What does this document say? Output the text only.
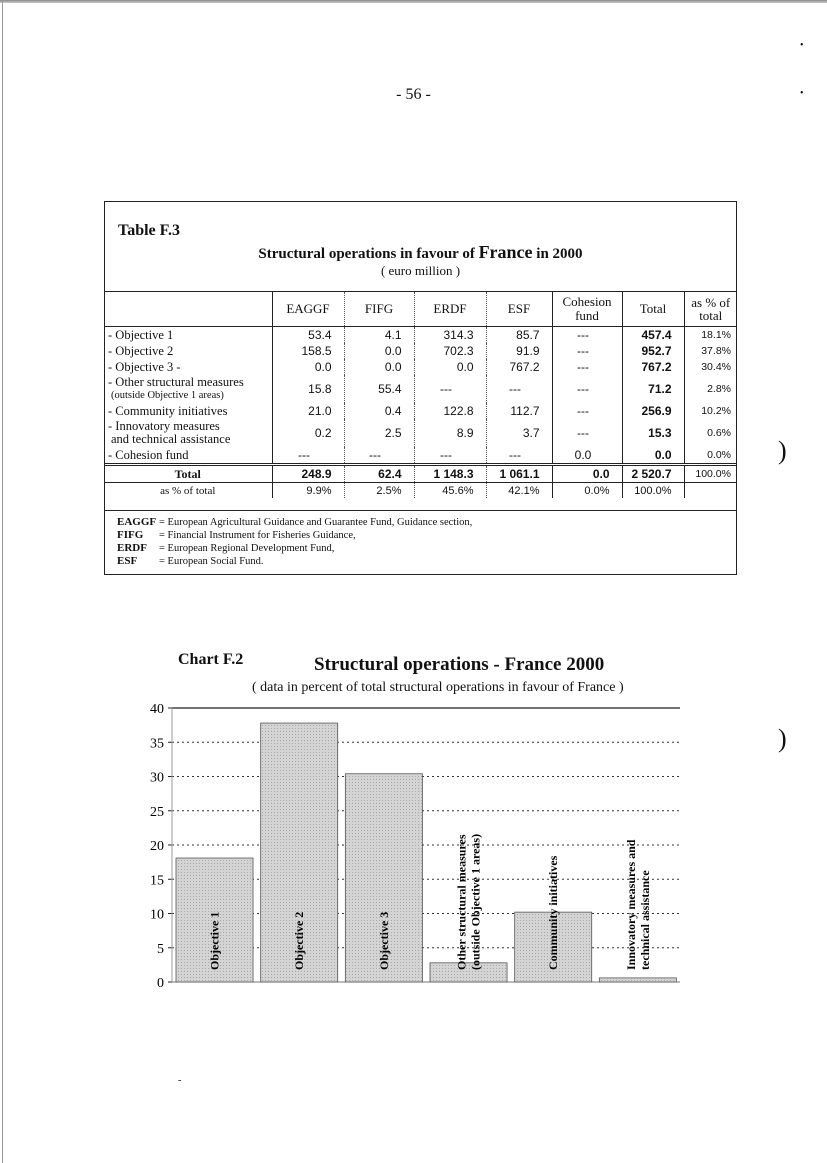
•
•
- 56 -
Table F.3
Structural operations in favour of France in 2000
( euro million )
	EAGGF	FIFG	ERDF	ESF	Cohesion fund	Total	as % of total

- Objective 1	53.4	4.1	314.3	85.7	---	457.4	18.1%

- Objective 2	158.5	0.0	702.3	91.9	---	952.7	37.8%

- Objective 3 -	0.0	0.0	0.0	767.2	---	767.2	30.4%

- Other structural measures
(outside Objective 1 areas)	15.8	55.4	---	---	---	71.2	2.8%

- Community initiatives	21.0	0.4	122.8	112.7	---	256.9	10.2%

- Innovatory measures
and technical assistance	0.2	2.5	8.9	3.7	---	15.3	0.6%

- Cohesion fund	---	---	---	---	0.0	0.0	0.0%
Total	248.9	62.4	1 148.3	1 061.1	0.0	2 520.7	100.0%
as % of total	9.9%	2.5%	45.6%	42.1%	0.0%	100.0%	
EAGGF = European Agricultural Guidance and Guarantee Fund, Guidance section,
FIFG = Financial Instrument for Fisheries Guidance,
ERDF = European Regional Development Fund,
ESF = European Social Fund.
Chart F.2	Structural operations - France 2000
( data in percent of total structural operations in favour of France )
0
5
10
15
20
25
30
35
40
Objective 1	Objective 2	Objective 3	Other structural measures (outside Objective 1 areas)	Community initiatives	Innovatory measures and technical assistance
)
)
-
